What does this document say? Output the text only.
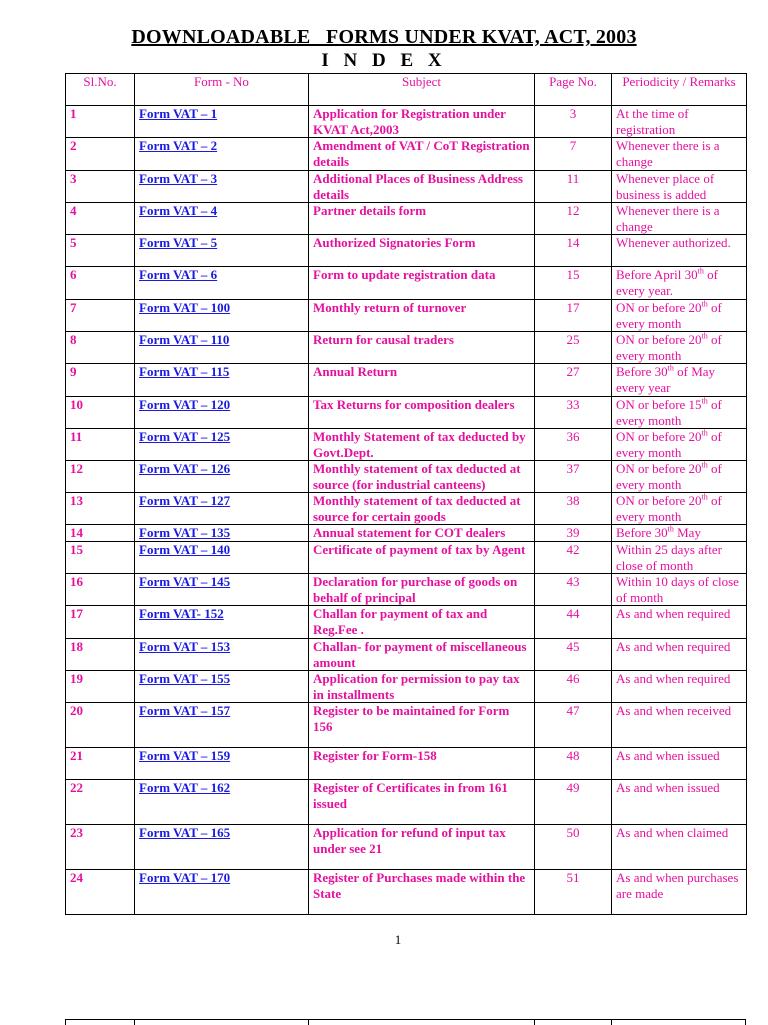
DOWNLOADABLE   FORMS UNDER KVAT, ACT, 2003
I N D E X
Sl.No.	Form - No	Subject	Page No.	Periodicity / Remarks
1	Form VAT – 1	Application for Registration under KVAT Act,2003	3	At the time of registration
2	Form VAT – 2	Amendment of VAT / CoT Registration details	7	Whenever there is a change
3	Form VAT – 3	Additional Places of Business Address details	11	Whenever place of business is added
4	Form VAT – 4	Partner details form	12	Whenever there is a change
5	Form VAT – 5	Authorized Signatories Form	14	Whenever authorized.
6	Form VAT – 6	Form to update registration data	15	Before April 30th of every year.
7	Form VAT – 100	Monthly return of turnover	17	ON or before 20th of every month
8	Form VAT – 110	Return for causal traders	25	ON or before 20th of every month
9	Form VAT – 115	Annual Return	27	Before 30th of May every year
10	Form VAT – 120	Tax Returns for composition dealers	33	ON or before 15th of every month
11	Form VAT – 125	Monthly Statement of tax deducted by Govt.Dept.	36	ON or before 20th of every month
12	Form VAT – 126	Monthly statement of tax deducted at source (for industrial canteens)	37	ON or before 20th of every month
13	Form VAT – 127	Monthly statement of tax deducted at source for certain goods	38	ON or before 20th of every month
14	Form VAT – 135	Annual statement for COT dealers	39	Before 30th May
15	Form VAT – 140	Certificate of payment of tax by Agent	42	Within 25 days after close of month
16	Form VAT – 145	Declaration for purchase of goods on behalf of principal	43	Within 10 days of close of month
17	Form VAT- 152	Challan for payment of tax and Reg.Fee .	44	As and when required
18	Form VAT – 153	Challan- for payment of miscellaneous amount	45	As and when required
19	Form VAT – 155	Application for permission to pay tax in installments	46	As and when required
20	Form VAT – 157	Register to be maintained for Form 156	47	As and when received
21	Form VAT – 159	Register for Form-158	48	As and when issued
22	Form VAT – 162	Register of Certificates in from 161 issued	49	As and when issued
23	Form VAT – 165	Application for refund of input tax under see 21	50	As and when claimed
24	Form VAT – 170	Register of Purchases made within the State	51	As and when purchases are made
1
